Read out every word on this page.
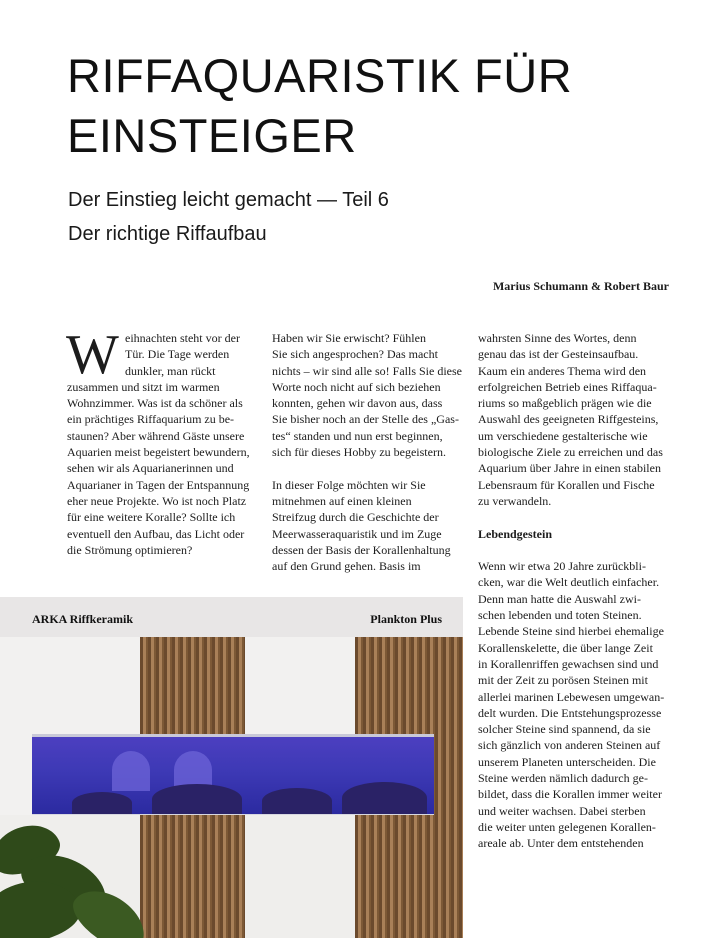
RIFFAQUARISTIK FÜR
EINSTEIGER
Der Einstieg leicht gemacht — Teil 6
Der richtige Riffaufbau
Marius Schumann & Robert Baur
W eihnachten steht vor der
Tür. Die Tage werden
dunkler, man rückt
zusammen und sitzt im warmen
Wohnzimmer. Was ist da schöner als
ein prächtiges Riffaquarium zu be-
staunen? Aber während Gäste unsere
Aquarien meist begeistert bewundern,
sehen wir als Aquarianerinnen und
Aquarianer in Tagen der Entspannung
eher neue Projekte. Wo ist noch Platz
für eine weitere Koralle? Sollte ich
eventuell den Aufbau, das Licht oder
die Strömung optimieren?
Haben wir Sie erwischt? Fühlen
Sie sich angesprochen? Das macht
nichts – wir sind alle so! Falls Sie diese
Worte noch nicht auf sich beziehen
konnten, gehen wir davon aus, dass
Sie bisher noch an der Stelle des „Gas-
tes“ standen und nun erst beginnen,
sich für dieses Hobby zu begeistern.
In dieser Folge möchten wir Sie
mitnehmen auf einen kleinen
Streifzug durch die Geschichte der
Meerwasseraquaristik und im Zuge
dessen der Basis der Korallenhaltung
auf den Grund gehen. Basis im
wahrsten Sinne des Wortes, denn
genau das ist der Gesteinsaufbau.
Kaum ein anderes Thema wird den
erfolgreichen Betrieb eines Riffaqua-
riums so maßgeblich prägen wie die
Auswahl des geeigneten Riffgesteins,
um verschiedene gestalterische wie
biologische Ziele zu erreichen und das
Aquarium über Jahre in einen stabilen
Lebensraum für Korallen und Fische
zu verwandeln.
Lebendgestein
Wenn wir etwa 20 Jahre zurückbli-
cken, war die Welt deutlich einfacher.
Denn man hatte die Auswahl zwi-
schen lebenden und toten Steinen.
Lebende Steine sind hierbei ehemalige
Korallenskelette, die über lange Zeit
in Korallenriffen gewachsen sind und
mit der Zeit zu porösen Steinen mit
allerlei marinen Lebewesen umgewan-
delt wurden. Die Entstehungsprozesse
solcher Steine sind spannend, da sie
sich gänzlich von anderen Steinen auf
unserem Planeten unterscheiden. Die
Steine werden nämlich dadurch ge-
bildet, dass die Korallen immer weiter
und weiter wachsen. Dabei sterben
die weiter unten gelegenen Korallen-
areale ab. Unter dem entstehenden
ARKA Riffkeramik	Plankton Plus
